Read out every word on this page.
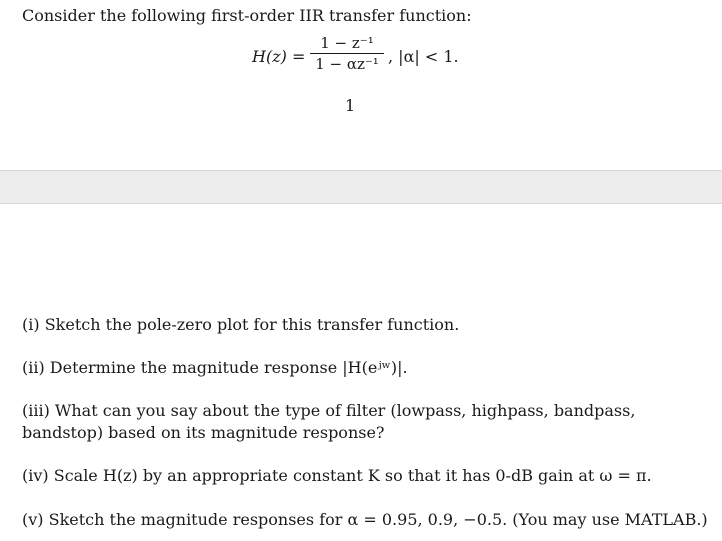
Consider the following first-order IIR transfer function:
H(z) =
1 − z⁻¹
1 − αz⁻¹ , |α| < 1.
1
(i) Sketch the pole-zero plot for this transfer function.
(ii) Determine the magnitude response |H(eʲʷ)|.
(iii) What can you say about the type of filter (lowpass, highpass, bandpass, bandstop) based on its magnitude response?
(iv) Scale H(z) by an appropriate constant K so that it has 0-dB gain at ω = π.
(v) Sketch the magnitude responses for α = 0.95, 0.9, −0.5. (You may use MATLAB.)
